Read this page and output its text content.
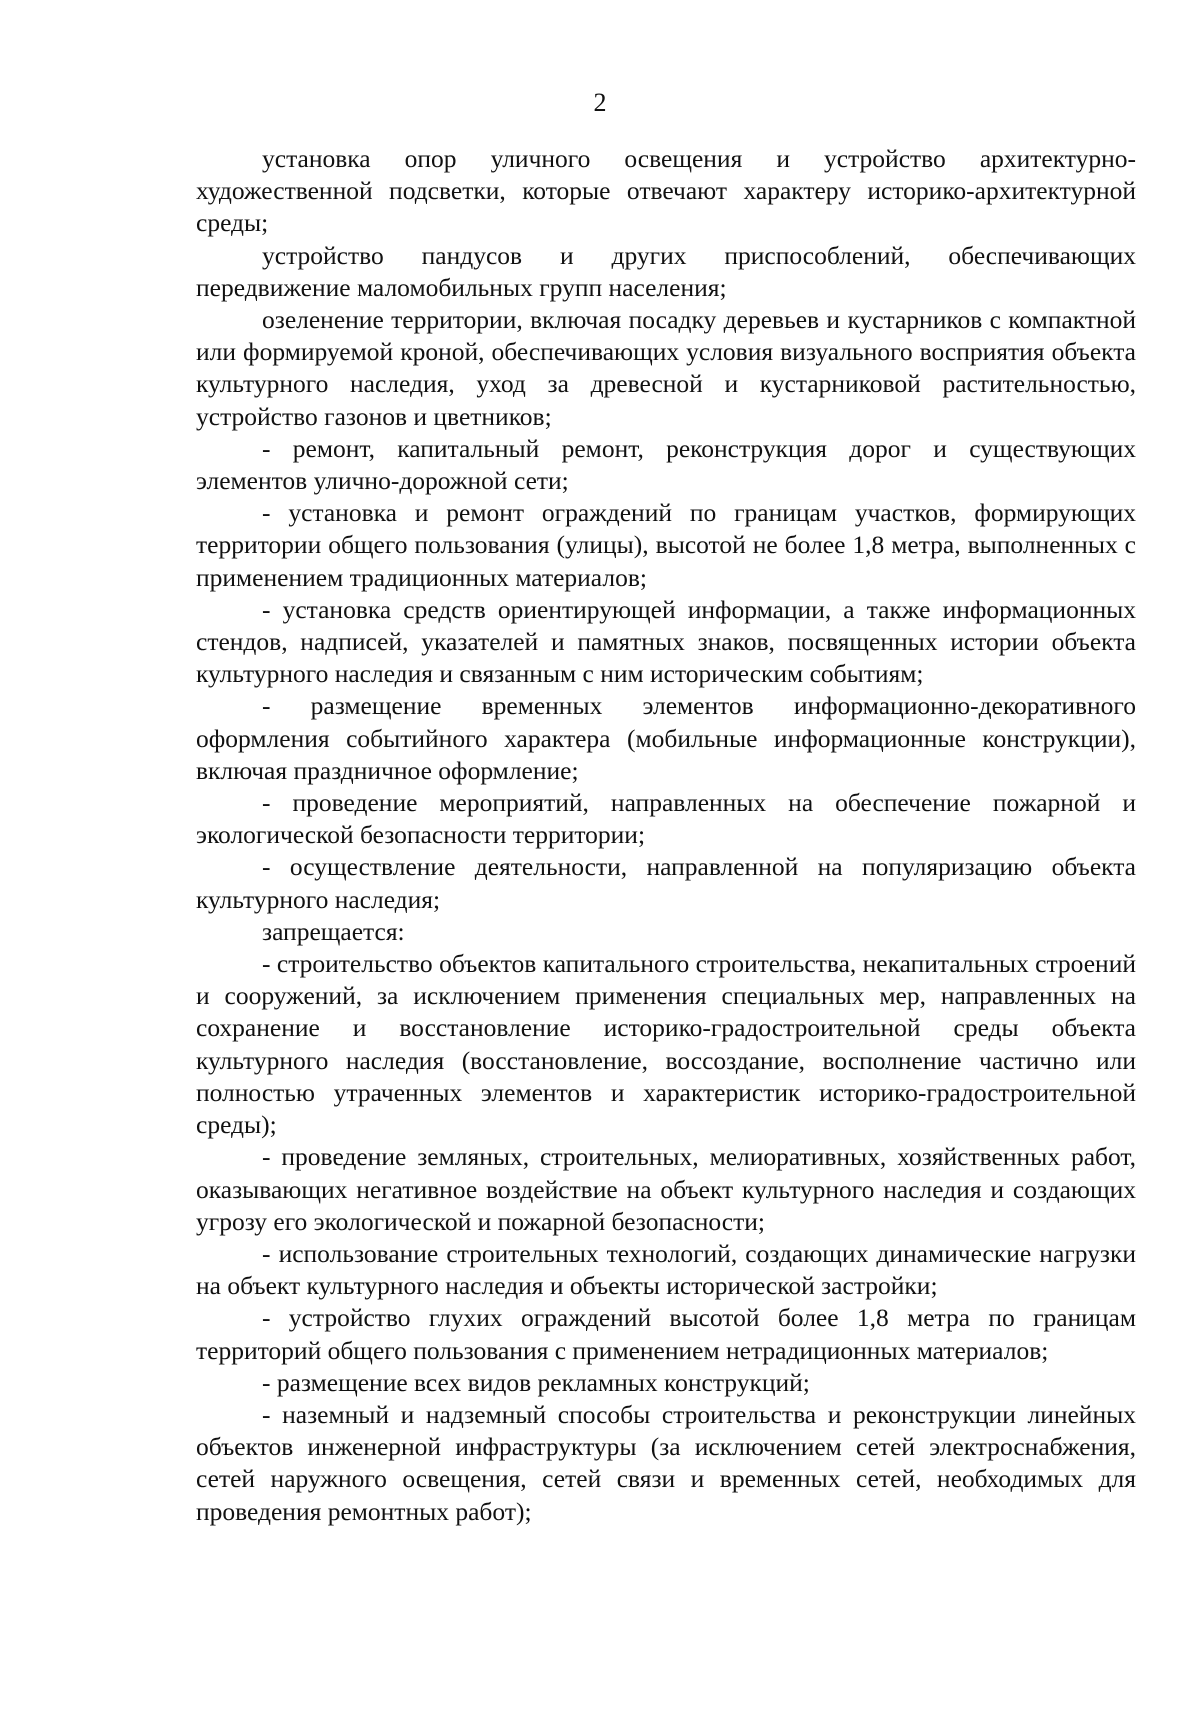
2

установка опор уличного освещения и устройство архитектурно-художественной подсветки, которые отвечают характеру историко-архитектурной среды;

устройство пандусов и других приспособлений, обеспечивающих передвижение маломобильных групп населения;

озеленение территории, включая посадку деревьев и кустарников с компактной или формируемой кроной, обеспечивающих условия визуального восприятия объекта культурного наследия, уход за древесной и кустарниковой растительностью, устройство газонов и цветников;

- ремонт, капитальный ремонт, реконструкция дорог и существующих элементов улично-дорожной сети;

- установка и ремонт ограждений по границам участков, формирующих территории общего пользования (улицы), высотой не более 1,8 метра, выполненных с применением традиционных материалов;

- установка средств ориентирующей информации, а также информационных стендов, надписей, указателей и памятных знаков, посвященных истории объекта культурного наследия и связанным с ним историческим событиям;

- размещение временных элементов информационно-декоративного оформления событийного характера (мобильные информационные конструкции), включая праздничное оформление;

- проведение мероприятий, направленных на обеспечение пожарной и экологической безопасности территории;

- осуществление деятельности, направленной на популяризацию объекта культурного наследия;

запрещается:

- строительство объектов капитального строительства, некапитальных строений и сооружений, за исключением применения специальных мер, направленных на сохранение и восстановление историко-градостроительной среды объекта культурного наследия (восстановление, воссоздание, восполнение частично или полностью утраченных элементов и характеристик историко-градостроительной среды);

- проведение земляных, строительных, мелиоративных, хозяйственных работ, оказывающих негативное воздействие на объект культурного наследия и создающих угрозу его экологической и пожарной безопасности;

- использование строительных технологий, создающих динамические нагрузки на объект культурного наследия и объекты исторической застройки;

- устройство глухих ограждений высотой более 1,8 метра по границам территорий общего пользования с применением нетрадиционных материалов;

- размещение всех видов рекламных конструкций;

- наземный и надземный способы строительства и реконструкции линейных объектов инженерной инфраструктуры (за исключением сетей электроснабжения, сетей наружного освещения, сетей связи и временных сетей, необходимых для проведения ремонтных работ);
